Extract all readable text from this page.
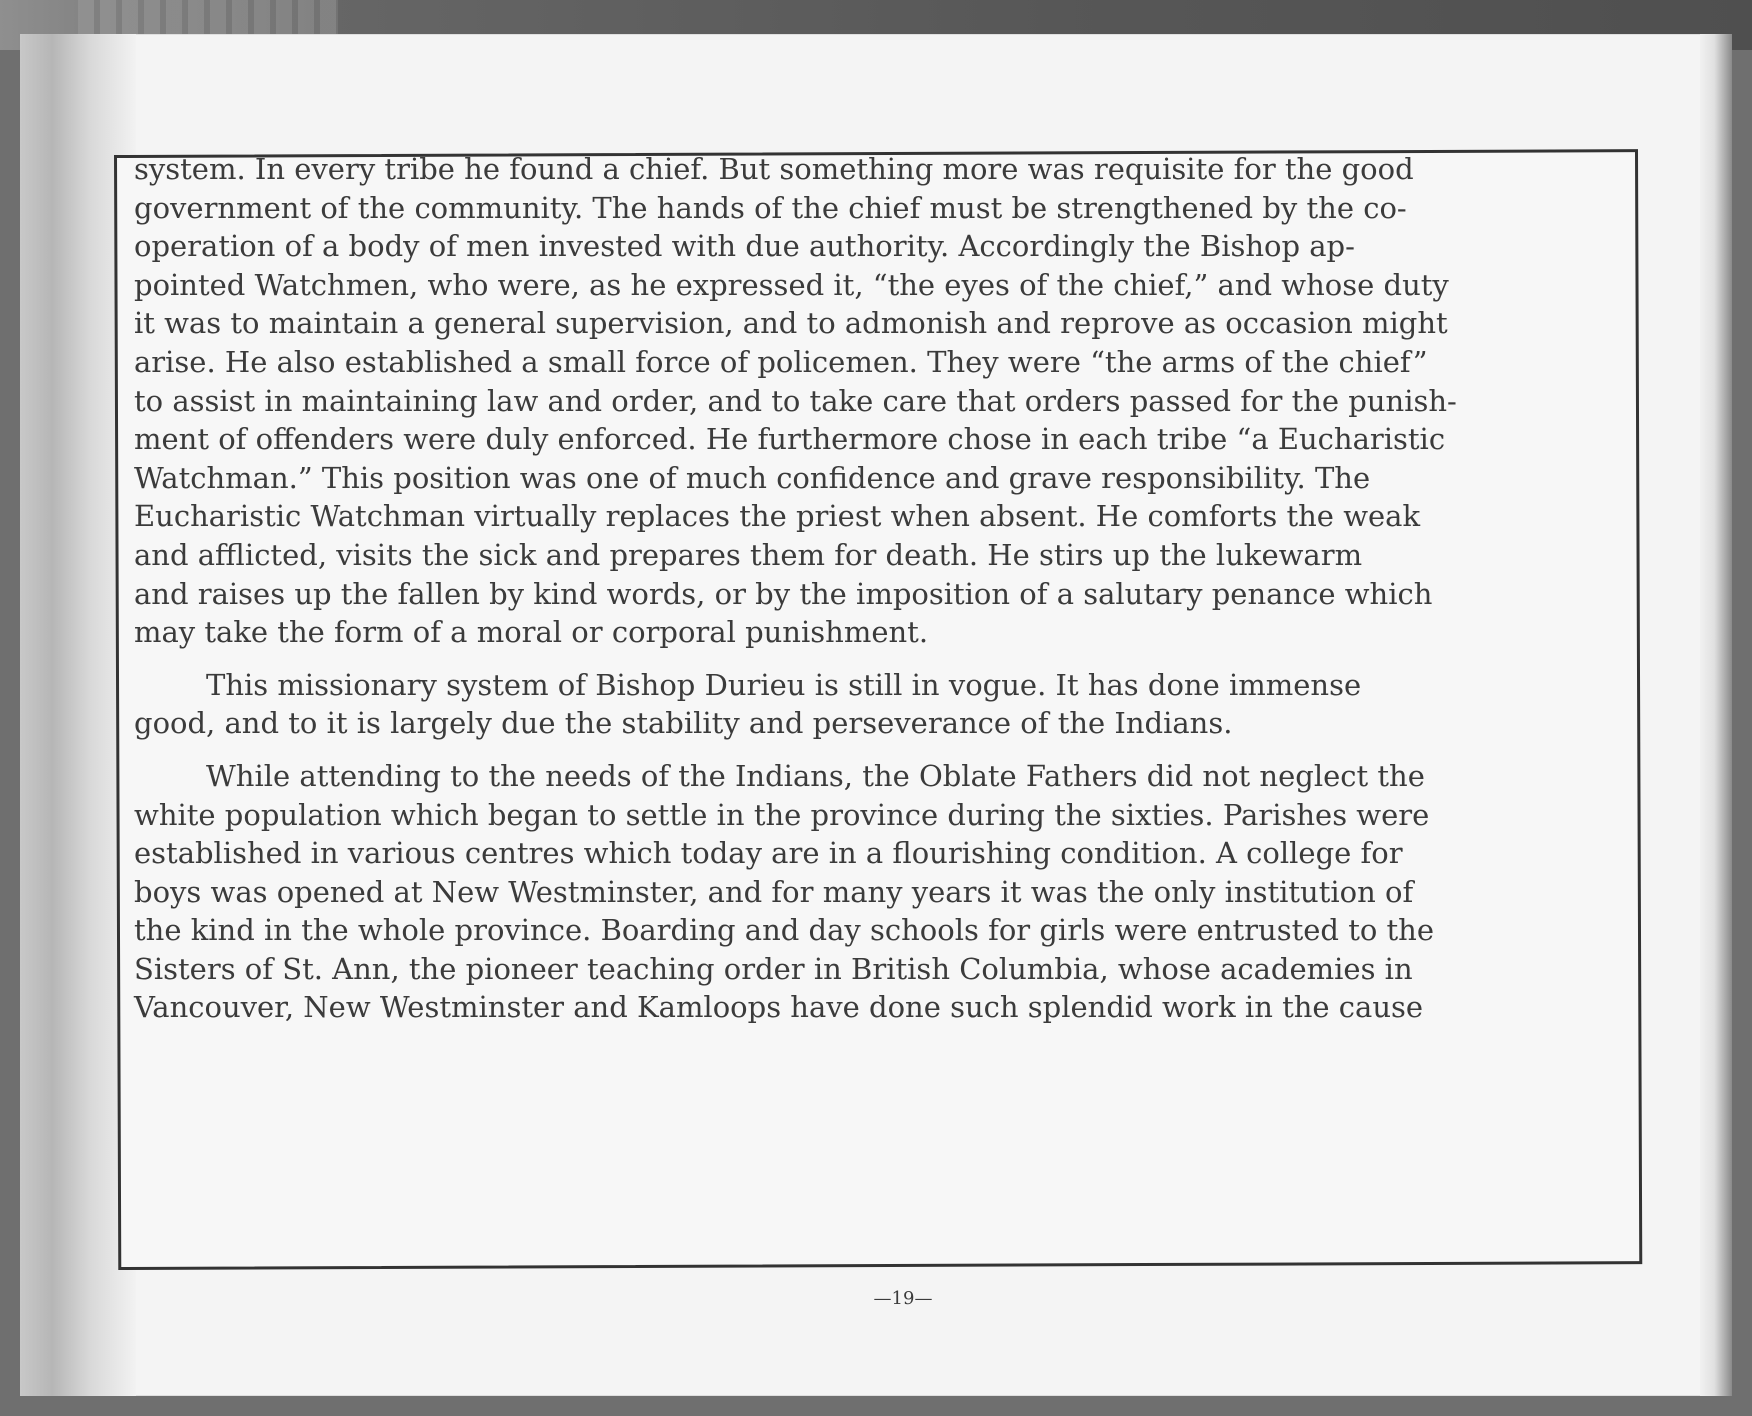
system. In every tribe he found a chief. But something more was requisite for the good
government of the community. The hands of the chief must be strengthened by the co-
operation of a body of men invested with due authority. Accordingly the Bishop ap-
pointed Watchmen, who were, as he expressed it, “the eyes of the chief,” and whose duty
it was to maintain a general supervision, and to admonish and reprove as occasion might
arise. He also established a small force of policemen. They were “the arms of the chief”
to assist in maintaining law and order, and to take care that orders passed for the punish-
ment of offenders were duly enforced. He furthermore chose in each tribe “a Eucharistic
Watchman.” This position was one of much confidence and grave responsibility. The
Eucharistic Watchman virtually replaces the priest when absent. He comforts the weak
and afflicted, visits the sick and prepares them for death. He stirs up the lukewarm
and raises up the fallen by kind words, or by the imposition of a salutary penance which
may take the form of a moral or corporal punishment.
This missionary system of Bishop Durieu is still in vogue. It has done immense
good, and to it is largely due the stability and perseverance of the Indians.
While attending to the needs of the Indians, the Oblate Fathers did not neglect the
white population which began to settle in the province during the sixties. Parishes were
established in various centres which today are in a flourishing condition. A college for
boys was opened at New Westminster, and for many years it was the only institution of
the kind in the whole province. Boarding and day schools for girls were entrusted to the
Sisters of St. Ann, the pioneer teaching order in British Columbia, whose academies in
Vancouver, New Westminster and Kamloops have done such splendid work in the cause
—19—
